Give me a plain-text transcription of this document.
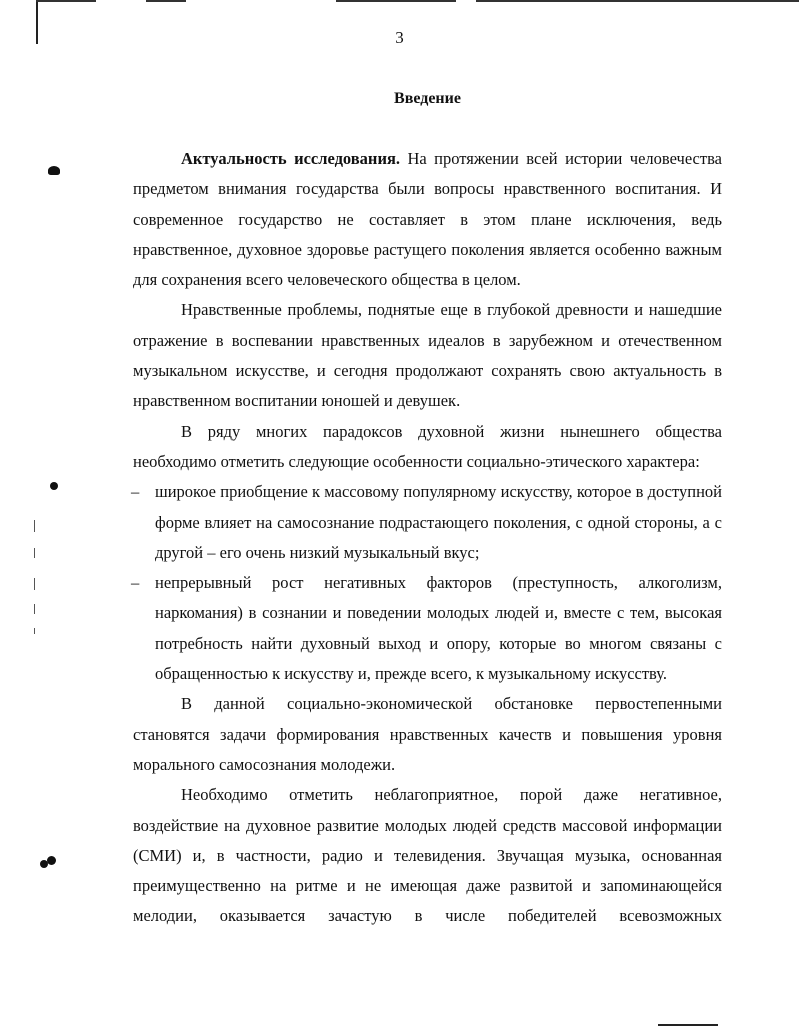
3
Введение

Актуальность исследования. На протяжении всей истории человечества предметом внимания государства были вопросы нравственного воспитания. И современное государство не составляет в этом плане исключения, ведь нравственное, духовное здоровье растущего поколения является особенно важным для сохранения всего человеческого общества в целом.

Нравственные проблемы, поднятые еще в глубокой древности и нашедшие отражение в воспевании нравственных идеалов в зарубежном и отечественном музыкальном искусстве, и сегодня продолжают сохранять свою актуальность в нравственном воспитании юношей и девушек.

В ряду многих парадоксов духовной жизни нынешнего общества необходимо отметить следующие особенности социально-этического характера:

– широкое приобщение к массовому популярному искусству, которое в доступной форме влияет на самосознание подрастающего поколения, с одной стороны, а с другой – его очень низкий музыкальный вкус;
– непрерывный рост негативных факторов (преступность, алкоголизм, наркомания) в сознании и поведении молодых людей и, вместе с тем, высокая потребность найти духовный выход и опору, которые во многом связаны с обращенностью к искусству и, прежде всего, к музыкальному искусству.

В данной социально-экономической обстановке первостепенными становятся задачи формирования нравственных качеств и повышения уровня морального самосознания молодежи.

Необходимо отметить неблагоприятное, порой даже негативное, воздействие на духовное развитие молодых людей средств массовой информации (СМИ) и, в частности, радио и телевидения. Звучащая музыка, основанная преимущественно на ритме и не имеющая даже развитой и запоминающейся мелодии, оказывается зачастую в числе победителей всевозможных
